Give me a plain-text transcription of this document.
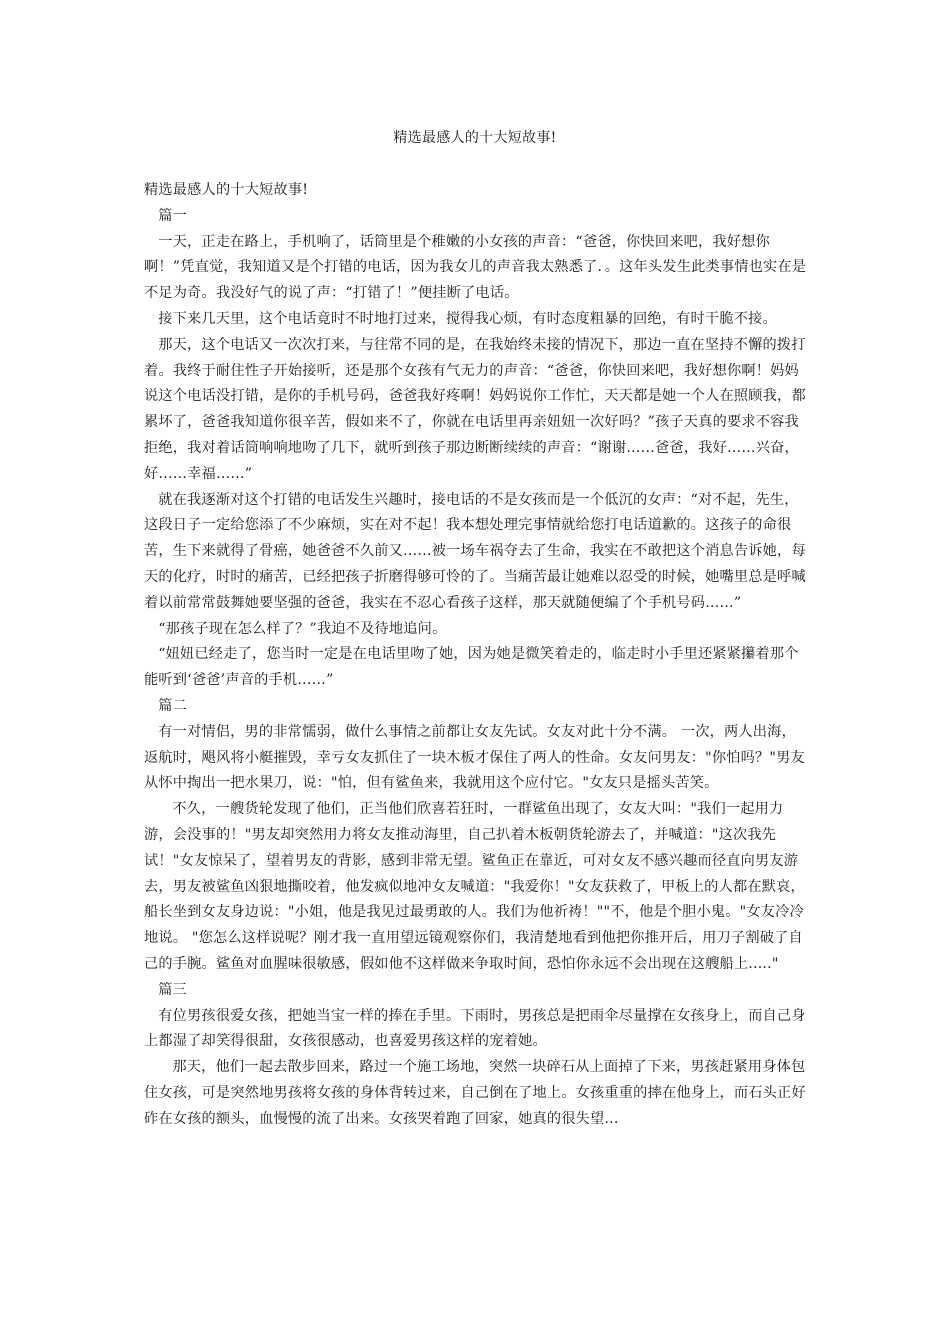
精选最感人的十大短故事!

精选最感人的十大短故事!

篇一

一天，正走在路上，手机响了，话筒里是个稚嫩的小女孩的声音：“爸爸，你快回来吧，我好想你啊！”凭直觉，我知道又是个打错的电话，因为我女儿的声音我太熟悉了．。这年头发生此类事情也实在是不足为奇。我没好气的说了声：“打错了！”便挂断了电话。

接下来几天里，这个电话竟时不时地打过来，搅得我心烦，有时态度粗暴的回绝，有时干脆不接。

那天，这个电话又一次次打来，与往常不同的是，在我始终未接的情况下，那边一直在坚持不懈的拨打着。我终于耐住性子开始接听，还是那个女孩有气无力的声音：“爸爸，你快回来吧，我好想你啊！妈妈说这个电话没打错，是你的手机号码，爸爸我好疼啊！妈妈说你工作忙，天天都是她一个人在照顾我，都累坏了，爸爸我知道你很辛苦，假如来不了，你就在电话里再亲妞妞一次好吗？”孩子天真的要求不容我拒绝，我对着话筒响响地吻了几下，就听到孩子那边断断续续的声音：“谢谢……爸爸，我好……兴奋，好……幸福……”

就在我逐渐对这个打错的电话发生兴趣时，接电话的不是女孩而是一个低沉的女声：“对不起，先生，这段日子一定给您添了不少麻烦，实在对不起！我本想处理完事情就给您打电话道歉的。这孩子的命很苦，生下来就得了骨癌，她爸爸不久前又……被一场车祸夺去了生命，我实在不敢把这个消息告诉她，每天的化疗，时时的痛苦，已经把孩子折磨得够可怜的了。当痛苦最让她难以忍受的时候，她嘴里总是呼喊着以前常常鼓舞她要坚强的爸爸，我实在不忍心看孩子这样，那天就随便编了个手机号码……”

“那孩子现在怎么样了？”我迫不及待地追问。

“妞妞已经走了，您当时一定是在电话里吻了她，因为她是微笑着走的，临走时小手里还紧紧攥着那个能听到‘爸爸’声音的手机……”

篇二

有一对情侣，男的非常懦弱，做什么事情之前都让女友先试。女友对此十分不满。 一次，两人出海，返航时，飓风将小艇摧毁，幸亏女友抓住了一块木板才保住了两人的性命。女友问男友："你怕吗？"男友从怀中掏出一把水果刀，说："怕，但有鲨鱼来，我就用这个应付它。"女友只是摇头苦笑。

不久，一艘货轮发现了他们，正当他们欣喜若狂时，一群鲨鱼出现了，女友大叫："我们一起用力游，会没事的！"男友却突然用力将女友推动海里，自己扒着木板朝货轮游去了，并喊道："这次我先试！"女友惊呆了，望着男友的背影，感到非常无望。鲨鱼正在靠近，可对女友不感兴趣而径直向男友游去，男友被鲨鱼凶狠地撕咬着，他发疯似地冲女友喊道："我爱你！"女友获救了，甲板上的人都在默哀，船长坐到女友身边说："小姐，他是我见过最勇敢的人。我们为他祈祷！""不，他是个胆小鬼。"女友冷冷地说。 "您怎么这样说呢？刚才我一直用望远镜观察你们，我清楚地看到他把你推开后，用刀子割破了自己的手腕。鲨鱼对血腥味很敏感，假如他不这样做来争取时间，恐怕你永远不会出现在这艘船上....."

篇三

有位男孩很爱女孩，把她当宝一样的捧在手里。下雨时，男孩总是把雨伞尽量撑在女孩身上，而自己身上都湿了却笑得很甜，女孩很感动，也喜爱男孩这样的宠着她。

那天，他们一起去散步回来，路过一个施工场地，突然一块碎石从上面掉了下来，男孩赶紧用身体包住女孩，可是突然地男孩将女孩的身体背转过来，自己倒在了地上。女孩重重的摔在他身上，而石头正好砟在女孩的额头，血慢慢的流了出来。女孩哭着跑了回家，她真的很失望...
